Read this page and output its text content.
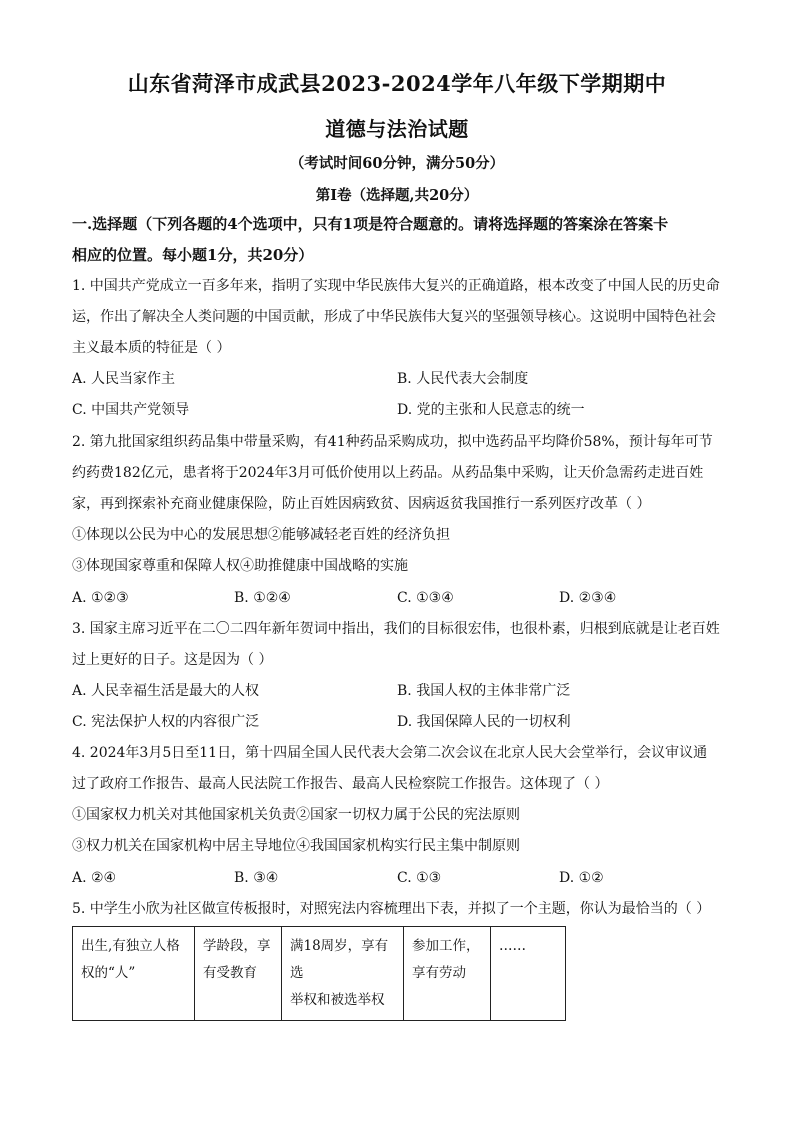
山东省菏泽市成武县2023-2024学年八年级下学期期中
道德与法治试题
（考试时间60分钟，满分50分）
第Ⅰ卷（选择题,共20分）
一.选择题（下列各题的4个选项中，只有1项是符合题意的。请将选择题的答案涂在答案卡
相应的位置。每小题1分，共20分）
1. 中国共产党成立一百多年来，指明了实现中华民族伟大复兴的正确道路，根本改变了中国人民的历史命
运，作出了解决全人类问题的中国贡献，形成了中华民族伟大复兴的坚强领导核心。这说明中国特色社会
主义最本质的特征是（ ）
A. 人民当家作主	B. 人民代表大会制度
C. 中国共产党领导	D. 党的主张和人民意志的统一
2. 第九批国家组织药品集中带量采购，有41种药品采购成功，拟中选药品平均降价58%，预计每年可节
约药费182亿元，患者将于2024年3月可低价使用以上药品。从药品集中采购，让天价急需药走进百姓
家，再到探索补充商业健康保险，防止百姓因病致贫、因病返贫我国推行一系列医疗改革（ ）
①体现以公民为中心的发展思想②能够减轻老百姓的经济负担
③体现国家尊重和保障人权④助推健康中国战略的实施
A. ①②③	B. ①②④	C. ①③④	D. ②③④
3. 国家主席习近平在二〇二四年新年贺词中指出，我们的目标很宏伟，也很朴素，归根到底就是让老百姓
过上更好的日子。这是因为（ ）
A. 人民幸福生活是最大的人权	B. 我国人权的主体非常广泛
C. 宪法保护人权的内容很广泛	D. 我国保障人民的一切权利
4. 2024年3月5日至11日，第十四届全国人民代表大会第二次会议在北京人民大会堂举行，会议审议通
过了政府工作报告、最高人民法院工作报告、最高人民检察院工作报告。这体现了（ ）
①国家权力机关对其他国家机关负责②国家一切权力属于公民的宪法原则
③权力机关在国家机构中居主导地位④我国国家机构实行民主集中制原则
A. ②④	B. ③④	C. ①③	D. ①②
5. 中学生小欣为社区做宣传板报时，对照宪法内容梳理出下表，并拟了一个主题，你认为最恰当的（ ）
出生,有独立人格
权的“人”

学龄段，享
有受教育

满18周岁，享有选
举权和被选举权

参加工作，
享有劳动

……
